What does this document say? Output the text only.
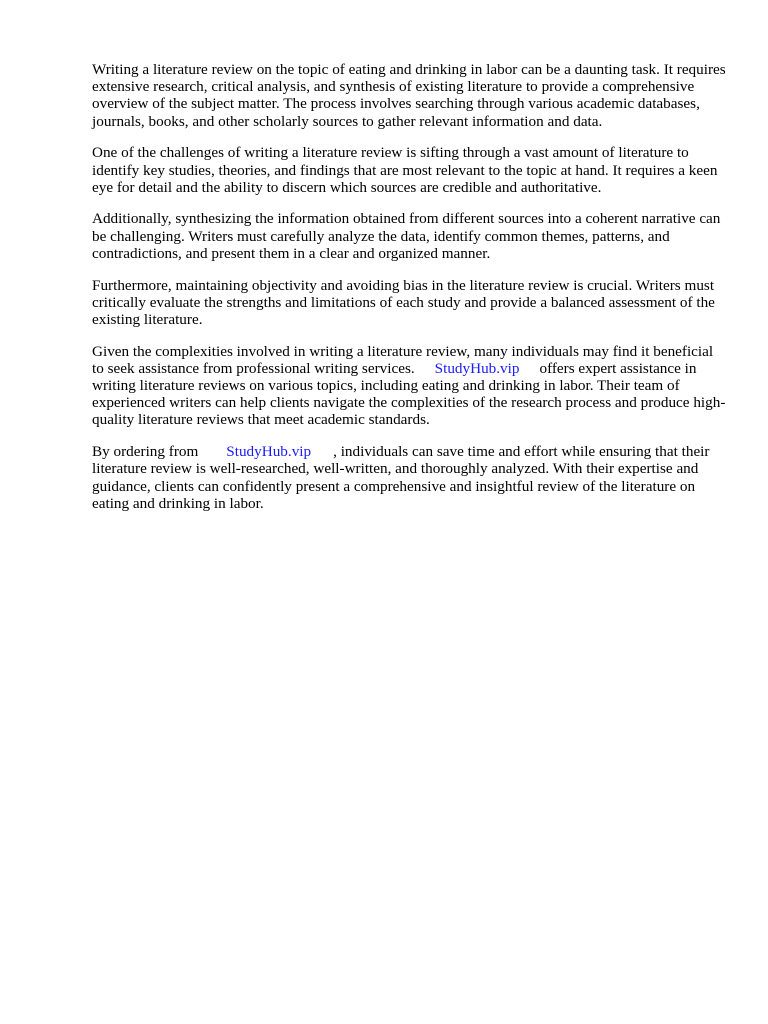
Writing a literature review on the topic of eating and drinking in labor can be a daunting task. It requires extensive research, critical analysis, and synthesis of existing literature to provide a comprehensive overview of the subject matter. The process involves searching through various academic databases, journals, books, and other scholarly sources to gather relevant information and data.

One of the challenges of writing a literature review is sifting through a vast amount of literature to identify key studies, theories, and findings that are most relevant to the topic at hand. It requires a keen eye for detail and the ability to discern which sources are credible and authoritative.

Additionally, synthesizing the information obtained from different sources into a coherent narrative can be challenging. Writers must carefully analyze the data, identify common themes, patterns, and contradictions, and present them in a clear and organized manner.

Furthermore, maintaining objectivity and avoiding bias in the literature review is crucial. Writers must critically evaluate the strengths and limitations of each study and provide a balanced assessment of the existing literature.

Given the complexities involved in writing a literature review, many individuals may find it beneficial to seek assistance from professional writing services. StudyHub.vip offers expert assistance in writing literature reviews on various topics, including eating and drinking in labor. Their team of experienced writers can help clients navigate the complexities of the research process and produce high-quality literature reviews that meet academic standards.

By ordering from StudyHub.vip , individuals can save time and effort while ensuring that their literature review is well-researched, well-written, and thoroughly analyzed. With their expertise and guidance, clients can confidently present a comprehensive and insightful review of the literature on eating and drinking in labor.
